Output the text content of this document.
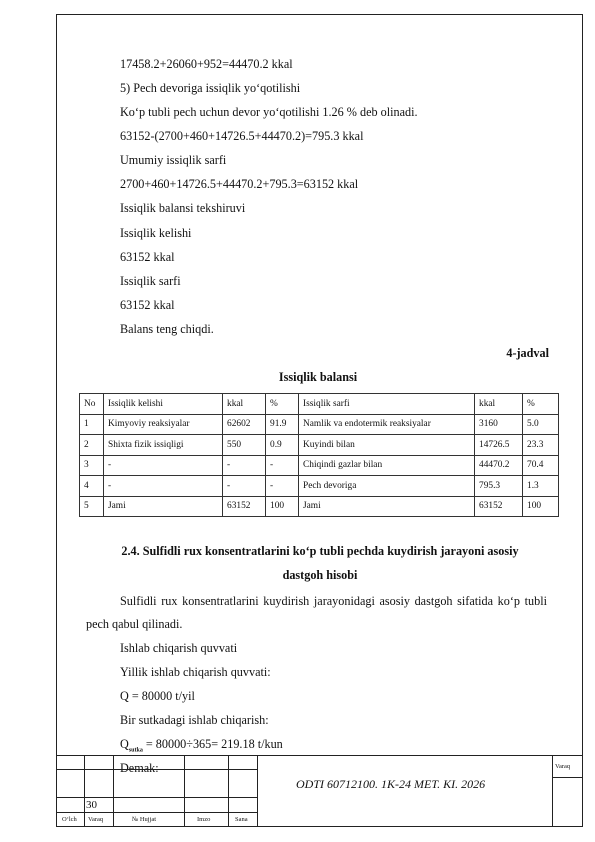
17458.2+26060+952=44470.2 kkal
5) Pech devoriga issiqlik yo‘qotilishi
Ko‘p tubli pech uchun devor yo‘qotilishi 1.26 % deb olinadi.
63152-(2700+460+14726.5+44470.2)=795.3 kkal
Umumiy issiqlik sarfi
2700+460+14726.5+44470.2+795.3=63152 kkal
Issiqlik balansi tekshiruvi
Issiqlik kelishi
63152 kkal
Issiqlik sarfi
63152 kkal
Balans teng chiqdi.
4-jadval
Issiqlik balansi
No	Issiqlik kelishi	kkal	%	Issiqlik sarfi	kkal	%
1	Kimyoviy reaksiyalar	62602	91.9	Namlik va endotermik reaksiyalar	3160	5.0
2	Shixta fizik issiqligi	550	0.9	Kuyindi bilan	14726.5	23.3
3	-	-	-	Chiqindi gazlar bilan	44470.2	70.4
4	-	-	-	Pech devoriga	795.3	1.3
5	Jami	63152	100	Jami	63152	100
2.4. Sulfidli rux konsentratlarini ko‘p tubli pechda kuydirish jarayoni asosiy
dastgoh hisobi
Sulfidli rux konsentratlarini kuydirish jarayonidagi asosiy dastgoh sifatida ko‘p tubli pech qabul qilinadi.
Ishlab chiqarish quvvati
Yillik ishlab chiqarish quvvati:
Q = 80000 t/yil
Bir sutkadagi ishlab chiqarish:
$Q_{sutka} = 80000\div 365= 219.18$ t/kun
Demak:
30
ODTI 60712100. 1K-24 MET. KI. 2026
Varaq
O‘lch Varaq	№ Hujjat	Imzo	Sana
